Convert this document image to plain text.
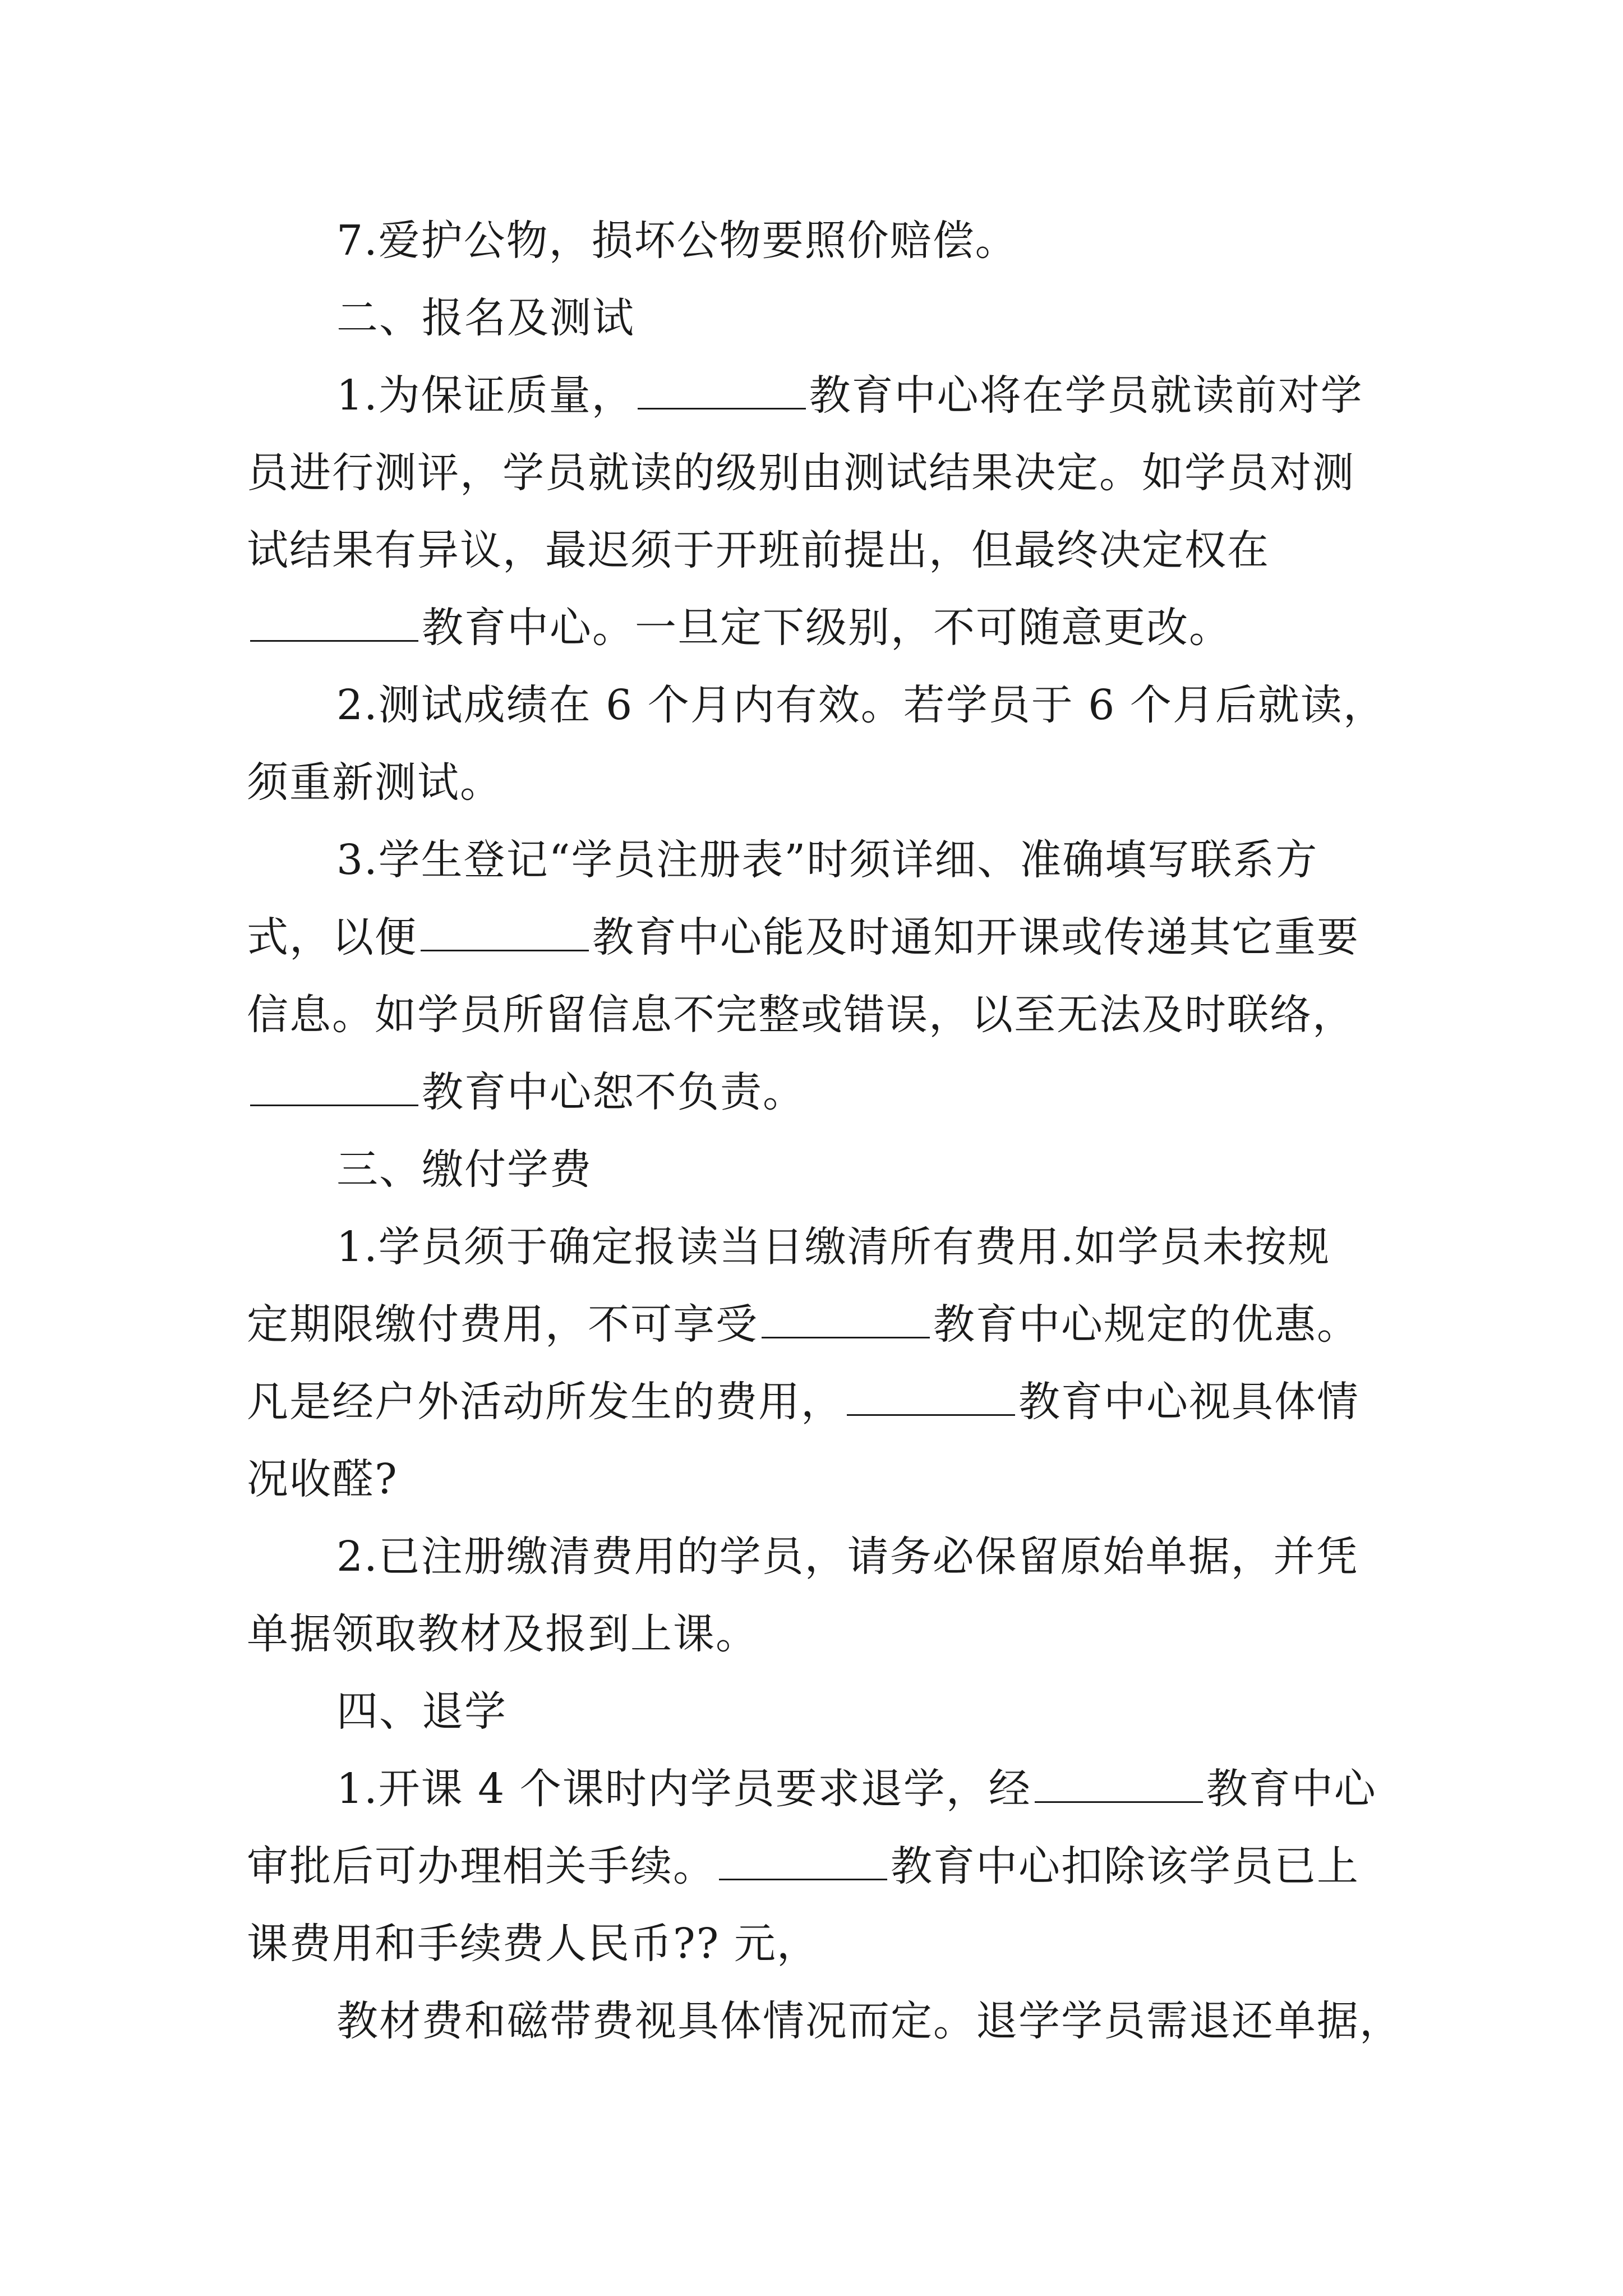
7.爱护公物，损坏公物要照价赔偿。
二、报名及测试
1.为保证质量，	教育中心将在学员就读前对学
员进行测评，学员就读的级别由测试结果决定。如学员对测
试结果有异议，最迟须于开班前提出，但最终决定权在
教育中心。一旦定下级别，不可随意更改。
2.测试成绩在 6 个月内有效。若学员于 6 个月后就读，
须重新测试。
3.学生登记“学员注册表”时须详细、准确填写联系方
式，以便	教育中心能及时通知开课或传递其它重要
信息。如学员所留信息不完整或错误，以至无法及时联络，
教育中心恕不负责。
三、缴付学费
1.学员须于确定报读当日缴清所有费用.如学员未按规
定期限缴付费用，不可享受	教育中心规定的优惠。
凡是经户外活动所发生的费用，	教育中心视具体情
况收醛?
2.已注册缴清费用的学员，请务必保留原始单据，并凭
单据领取教材及报到上课。
四、退学
1.开课 4 个课时内学员要求退学，经	教育中心
审批后可办理相关手续。	教育中心扣除该学员已上
课费用和手续费人民币?? 元，
教材费和磁带费视具体情况而定。退学学员需退还单据，
